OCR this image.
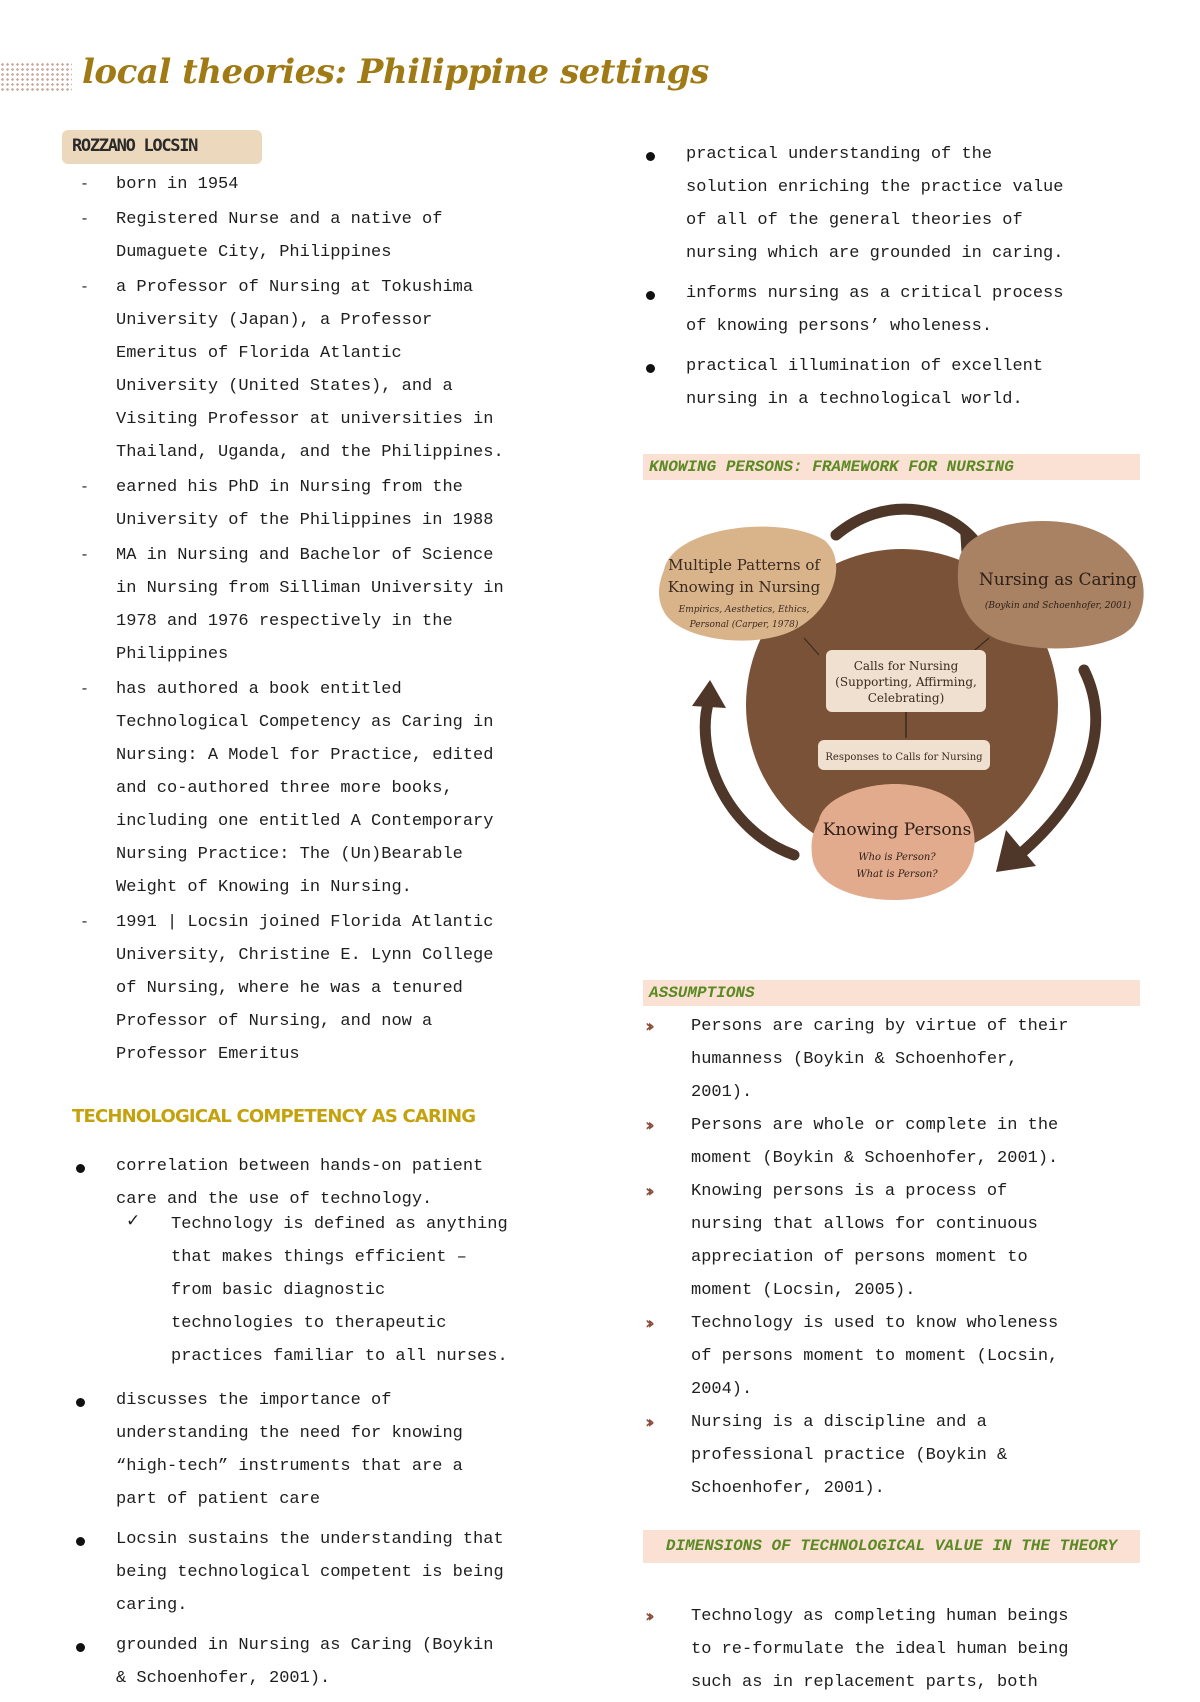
local theories: Philippine settings
ROZZANO LOCSIN
- born in 1954
- Registered Nurse and a native of
Dumaguete City, Philippines
- a Professor of Nursing at Tokushima
University (Japan), a Professor
Emeritus of Florida Atlantic
University (United States), and a
Visiting Professor at universities in
Thailand, Uganda, and the Philippines.
- earned his PhD in Nursing from the
University of the Philippines in 1988
- MA in Nursing and Bachelor of Science
in Nursing from Silliman University in
1978 and 1976 respectively in the
Philippines
- has authored a book entitled
Technological Competency as Caring in
Nursing: A Model for Practice, edited
and co-authored three more books,
including one entitled A Contemporary
Nursing Practice: The (Un)Bearable
Weight of Knowing in Nursing.
- 1991 | Locsin joined Florida Atlantic
University, Christine E. Lynn College
of Nursing, where he was a tenured
Professor of Nursing, and now a
Professor Emeritus
TECHNOLOGICAL COMPETENCY AS CARING
correlation between hands-on patient
care and the use of technology.
✓ Technology is defined as anything
that makes things efficient –
from basic diagnostic
technologies to therapeutic
practices familiar to all nurses.
discusses the importance of
understanding the need for knowing
“high-tech” instruments that are a
part of patient care
Locsin sustains the understanding that
being technological competent is being
caring.
grounded in Nursing as Caring (Boykin
& Schoenhofer, 2001).
practical understanding of the
solution enriching the practice value
of all of the general theories of
nursing which are grounded in caring.
informs nursing as a critical process
of knowing persons’ wholeness.
practical illumination of excellent
nursing in a technological world.
KNOWING PERSONS: FRAMEWORK FOR NURSING
Multiple Patterns of
Knowing in Nursing
Empirics, Aesthetics, Ethics,
Personal (Carper, 1978)
Nursing as Caring
(Boykin and Schoenhofer, 2001)
Knowing Persons
Who is Person?
What is Person?
Calls for Nursing
(Supporting, Affirming,
Celebrating)
Responses to Calls for Nursing
ASSUMPTIONS
›› Persons are caring by virtue of their
humanness (Boykin & Schoenhofer,
2001).
›› Persons are whole or complete in the
moment (Boykin & Schoenhofer, 2001).
›› Knowing persons is a process of
nursing that allows for continuous
appreciation of persons moment to
moment (Locsin, 2005).
›› Technology is used to know wholeness
of persons moment to moment (Locsin,
2004).
›› Nursing is a discipline and a
professional practice (Boykin &
Schoenhofer, 2001).
DIMENSIONS OF TECHNOLOGICAL VALUE IN THE THEORY
›› Technology as completing human beings
to re-formulate the ideal human being
such as in replacement parts, both
